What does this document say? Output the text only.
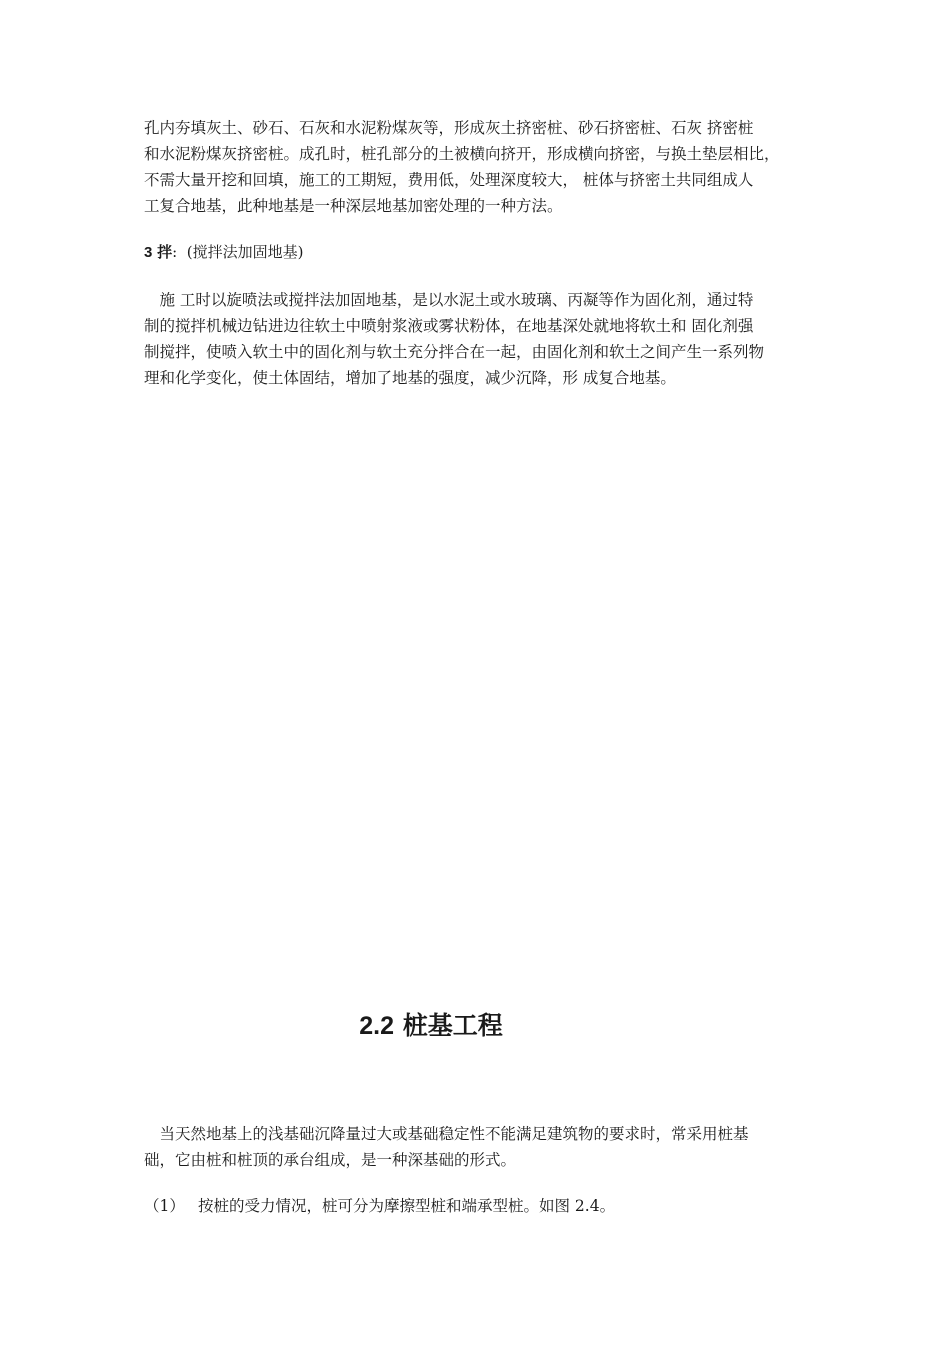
孔内夯填灰土、砂石、石灰和水泥粉煤灰等，形成灰土挤密桩、砂石挤密桩、石灰 挤密桩
和水泥粉煤灰挤密桩。成孔时，桩孔部分的土被横向挤开，形成横向挤密，与换土垫层相比，
不需大量开挖和回填，施工的工期短，费用低，处理深度较大， 桩体与挤密土共同组成人
工复合地基，此种地基是一种深层地基加密处理的一种方法。

3 拌: (搅拌法加固地基)

　施 工时以旋喷法或搅拌法加固地基，是以水泥土或水玻璃、丙凝等作为固化剂，通过特
制的搅拌机械边钻进边往软土中喷射浆液或雾状粉体，在地基深处就地将软土和 固化剂强
制搅拌，使喷入软土中的固化剂与软土充分拌合在一起，由固化剂和软土之间产生一系列物
理和化学变化，使土体固结，增加了地基的强度，减少沉降，形 成复合地基。

2.2 桩基工程

　当天然地基上的浅基础沉降量过大或基础稳定性不能满足建筑物的要求时，常采用桩基
础，它由桩和桩顶的承台组成，是一种深基础的形式。

（1） 按桩的受力情况，桩可分为摩擦型桩和端承型桩。如图 2.4。
